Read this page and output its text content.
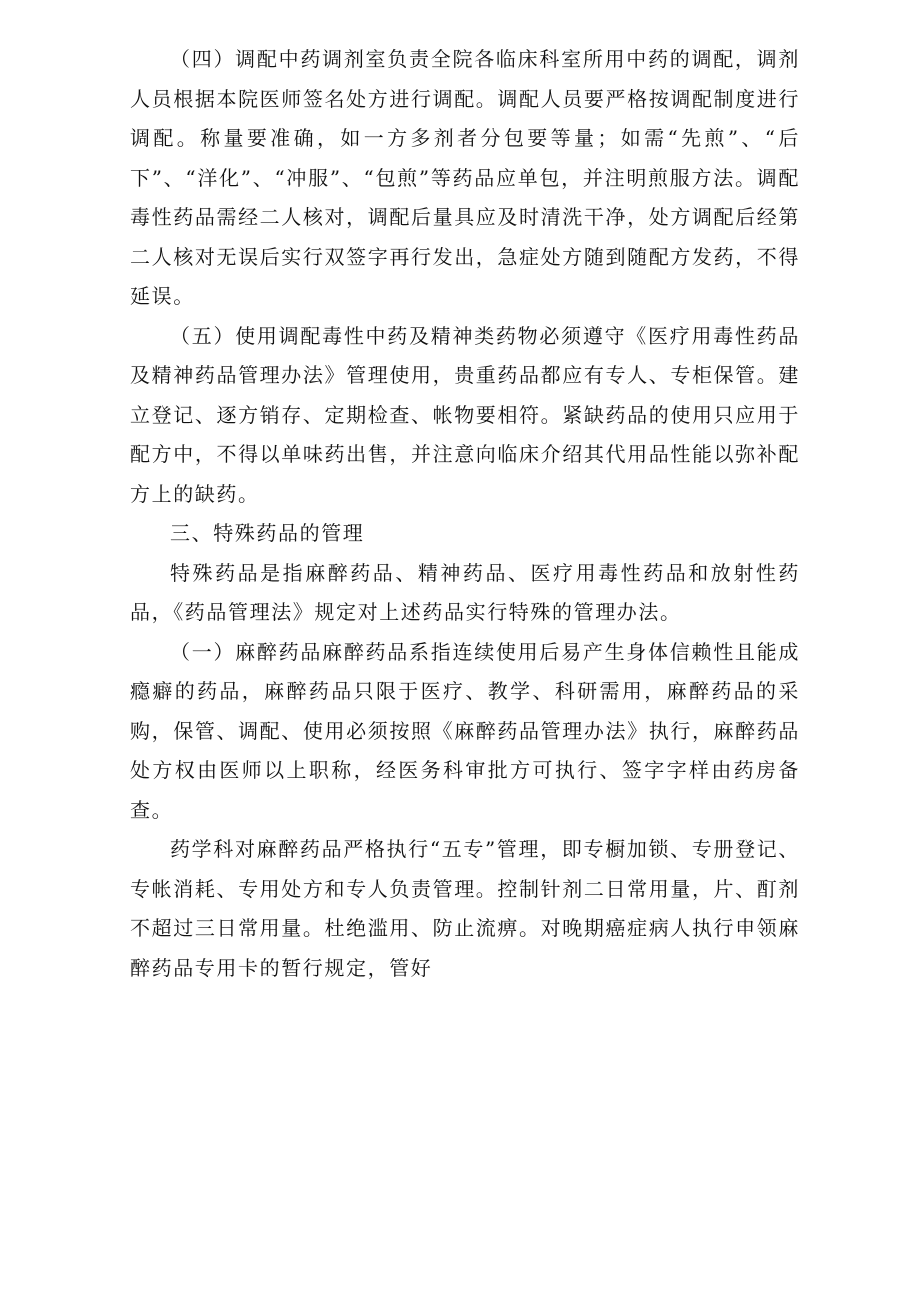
（四）调配中药调剂室负责全院各临床科室所用中药的调配，调剂人员根据本院医师签名处方进行调配。调配人员要严格按调配制度进行调配。称量要准确，如一方多剂者分包要等量；如需“先煎”、“后下”、“洋化”、“冲服”、“包煎”等药品应单包，并注明煎服方法。调配毒性药品需经二人核对，调配后量具应及时清洗干净，处方调配后经第二人核对无误后实行双签字再行发出，急症处方随到随配方发药，不得延误。

（五）使用调配毒性中药及精神类药物必须遵守《医疗用毒性药品及精神药品管理办法》管理使用，贵重药品都应有专人、专柜保管。建立登记、逐方销存、定期检查、帐物要相符。紧缺药品的使用只应用于配方中，不得以单味药出售，并注意向临床介绍其代用品性能以弥补配方上的缺药。

三、特殊药品的管理

特殊药品是指麻醉药品、精神药品、医疗用毒性药品和放射性药品，《药品管理法》规定对上述药品实行特殊的管理办法。

（一）麻醉药品麻醉药品系指连续使用后易产生身体信赖性且能成瘾癖的药品，麻醉药品只限于医疗、教学、科研需用，麻醉药品的采购，保管、调配、使用必须按照《麻醉药品管理办法》执行，麻醉药品处方权由医师以上职称，经医务科审批方可执行、签字字样由药房备查。

药学科对麻醉药品严格执行“五专”管理，即专橱加锁、专册登记、专帐消耗、专用处方和专人负责管理。控制针剂二日常用量，片、酊剂不超过三日常用量。杜绝滥用、防止流痹。对晚期癌症病人执行申领麻醉药品专用卡的暂行规定，管好
